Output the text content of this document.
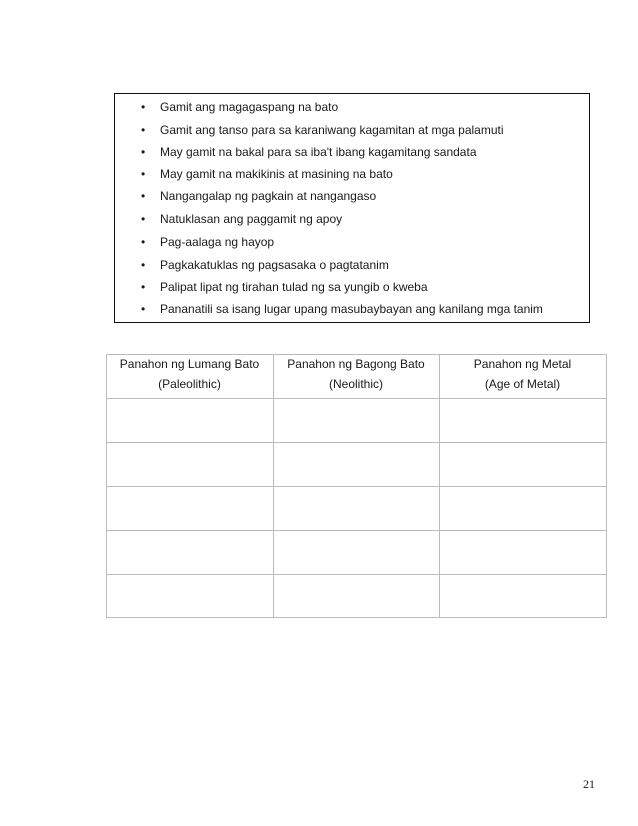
• Gamit ang magagaspang na bato
• Gamit ang tanso para sa karaniwang kagamitan at mga palamuti
• May gamit na bakal para sa iba't ibang kagamitang sandata
• May gamit na makikinis at masining na bato
• Nangangalap ng pagkain at nangangaso
• Natuklasan ang paggamit ng apoy
• Pag-aalaga ng hayop
• Pagkakatuklas ng pagsasaka o pagtatanim
• Palipat lipat ng tirahan tulad ng sa yungib o kweba
• Pananatili sa isang lugar upang masubaybayan ang kanilang mga tanim
Panahon ng Lumang Bato
(Paleolithic)
Panahon ng Bagong Bato
(Neolithic)
Panahon ng Metal
(Age of Metal)
21
